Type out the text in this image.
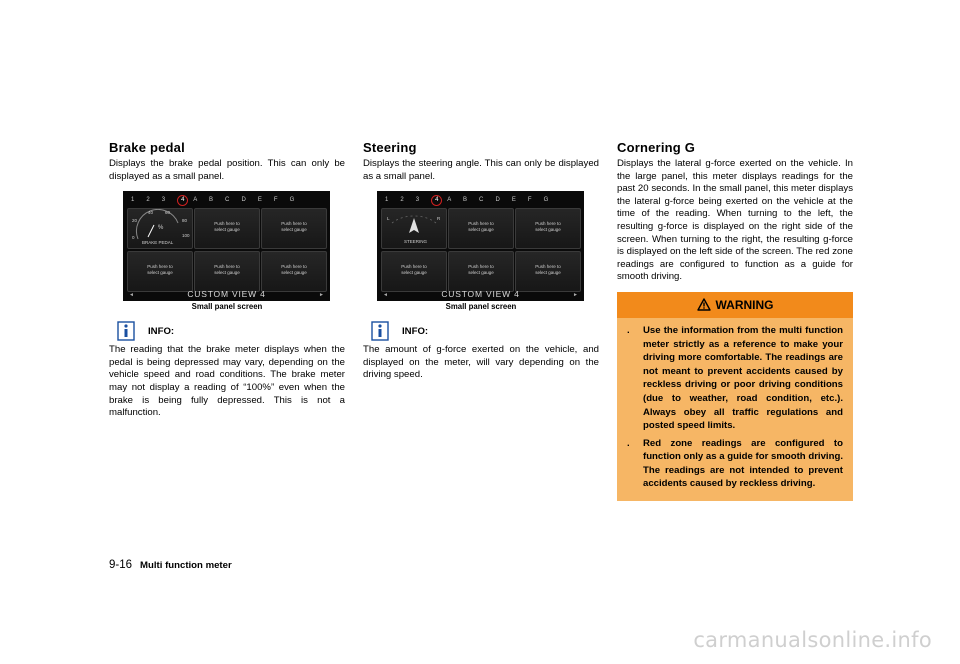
Brake pedal

Displays the brake pedal position. This can only be displayed as a small panel.

1 2 3 4 A B C D E F G
0
20
40	60
80
100
%
BRAKE PEDAL
Push here to
select gauge
Push here to
select gauge
Push here to
select gauge
Push here to
select gauge
Push here to
select gauge
◄	CUSTOM VIEW 4	►
Small panel screen
INFO:

The reading that the brake meter displays when the pedal is being depressed may vary, depending on the vehicle speed and road conditions. The brake meter may not display a reading of “100%” even when the brake is being fully depressed. This is not a malfunction.

Steering

Displays the steering angle. This can only be displayed as a small panel.

1 2 3 4 A B C D E F G
L	R
STEERING
Push here to
select gauge
Push here to
select gauge
Push here to
select gauge
Push here to
select gauge
Push here to
select gauge
◄	CUSTOM VIEW 4	►
Small panel screen
INFO:

The amount of g-force exerted on the vehicle, and displayed on the meter, will vary depending on the driving speed.

Cornering G

Displays the lateral g-force exerted on the vehicle. In the large panel, this meter displays readings for the past 20 seconds. In the small panel, this meter displays the lateral g-force being exerted on the vehicle at the time of the reading. When turning to the left, the resulting g-force is displayed on the right side of the screen. When turning to the right, the resulting g-force is displayed on the left side of the screen. The red zone readings are configured to function as a guide for smooth driving.

WARNING
. Use the information from the multi function meter strictly as a reference to make your driving more comfortable. The readings are not meant to prevent accidents caused by reckless driving or poor driving conditions (due to weather, road condition, etc.). Always obey all traffic regulations and posted speed limits.
. Red zone readings are configured to function only as a guide for smooth driving. The readings are not intended to prevent accidents caused by reckless driving.
9-16 Multi function meter
carmanualsonline.info
